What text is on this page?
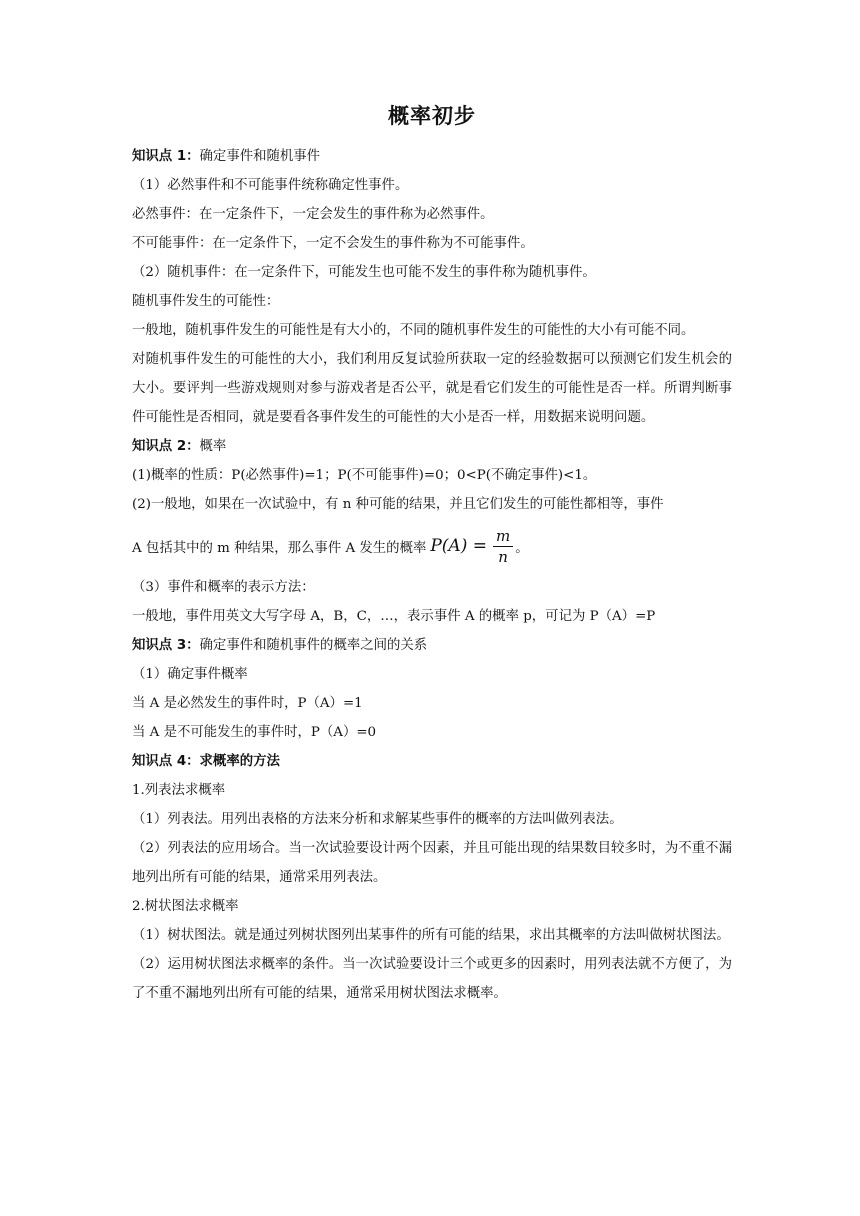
概率初步
知识点 1：确定事件和随机事件
（1）必然事件和不可能事件统称确定性事件。
必然事件：在一定条件下，一定会发生的事件称为必然事件。
不可能事件：在一定条件下，一定不会发生的事件称为不可能事件。
（2）随机事件：在一定条件下，可能发生也可能不发生的事件称为随机事件。
随机事件发生的可能性：
一般地，随机事件发生的可能性是有大小的，不同的随机事件发生的可能性的大小有可能不同。
对随机事件发生的可能性的大小，我们利用反复试验所获取一定的经验数据可以预测它们发生机会的大小。要评判一些游戏规则对参与游戏者是否公平，就是看它们发生的可能性是否一样。所谓判断事件可能性是否相同，就是要看各事件发生的可能性的大小是否一样，用数据来说明问题。
知识点 2：概率
(1)概率的性质：P(必然事件)=1；P(不可能事件)=0；0<P(不确定事件)<1。
(2)一般地，如果在一次试验中，有 n 种可能的结果，并且它们发生的可能性都相等，事件
A 包括其中的 m 种结果，那么事件 A 发生的概率 $P(A) = \frac{m}{n}$ 。
（3）事件和概率的表示方法：
一般地，事件用英文大写字母 A，B，C，…，表示事件 A 的概率 p，可记为 P（A）=P
知识点 3：确定事件和随机事件的概率之间的关系
（1）确定事件概率
当 A 是必然发生的事件时，P（A）=1
当 A 是不可能发生的事件时，P（A）=0
知识点 4：求概率的方法
1.列表法求概率
（1）列表法。用列出表格的方法来分析和求解某些事件的概率的方法叫做列表法。
（2）列表法的应用场合。当一次试验要设计两个因素，并且可能出现的结果数目较多时，为不重不漏地列出所有可能的结果，通常采用列表法。
2.树状图法求概率
（1）树状图法。就是通过列树状图列出某事件的所有可能的结果，求出其概率的方法叫做树状图法。
（2）运用树状图法求概率的条件。当一次试验要设计三个或更多的因素时，用列表法就不方便了，为了不重不漏地列出所有可能的结果，通常采用树状图法求概率。
